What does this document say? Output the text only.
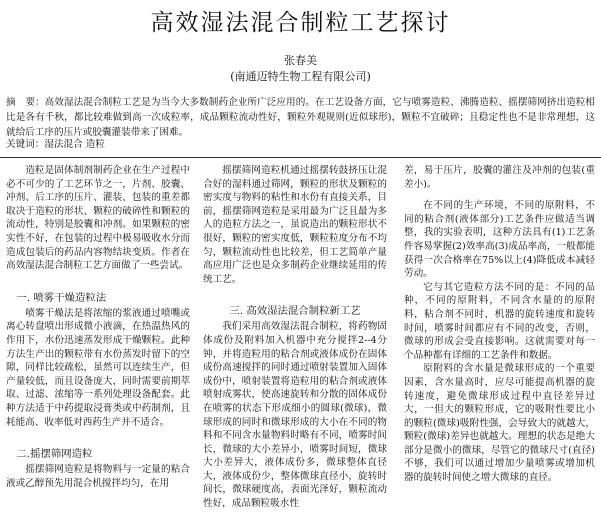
高效湿法混合制粒工艺探讨
张春美
(南通迈特生物工程有限公司)

摘　要：高效湿法混合制粒工艺是为当今大多数制药企业所广泛应用的。在工艺设备方面，它与喷雾造粒、沸腾造粒、摇摆筛网挤出造粒相比是各有千秋，都比较难做到高一次成粒率，成品颗粒流动性好，颗粒外观规则(近似球形)，颗粒不宜破碎；且稳定性也不是非常理想，这就给后工序的压片或胶囊灌装带来了困难。

关键词：湿法混合 造粒

造粒是固体制剂制药企业在生产过程中必不可少的了工艺环节之一，片剂、胶囊、冲剂、后工序的压片、灌装、包装的重差都取决于造粒的形状、颗粒的破碎性和颗粒的流动性，特别是胶囊和冲剂。如果颗粒的密实性不好，在包装的过程中极易吸收水分而造成包装后的药品内容物结块变质。作者在高效湿法混合制粒工艺方面做了一些尝试。

一. 喷雾干燥造粒法

喷雾干燥法是将浓缩的浆液通过喷嘴或离心转盘喷出形成微小液滴，在热温热风的作用下，水份迅速蒸发形成干燥颗粒。此种方法生产出的颗粒带有水份蒸发时留下的空隙，同样比较疏松，虽然可以连续生产，但产量较低，而且设备庞大，同时需要前期萃取、过滤、浓缩等一系列处理设备配套。此种方法适于中药提取浸膏类或中药制剂，且耗能高、收率低对西药生产并不适合。

二.摇摆筛网造粒

摇摆筛网造粒是将物料与一定量的粘合液或乙醇预先用混合机搅拌均匀，在用

摇摆筛网造粒机通过摇摆转鼓挤压让混合好的湿料通过筛网，颗粒的形状及颗粒的密实度与物料的粘性和水份有直接关系，目前，摇摆筛网造粒是采用最为广泛且最为多人的造粒方法之一，虽说造出的颗粒形状不很好，颗粒的密实度低，颗粒粒度分布不均匀，颗粒流动性也比较差，但工艺简单产量高应用广泛也是众多制药企业继续延用的传统工艺。

三. 高效湿法混合制粒新工艺

我们采用高效湿法混合制粒，将药物固体成份及附料加入机器中充分搅拌2--4分钟，并将造粒用的粘合剂或液体成份在固体成份高速搅拌的同时通过喷射装置加入固体成份中，喷射装置将造粒用的粘合剂或液体喷射成雾状，使高速旋转和分散的固体成份在喷雾的状态下形成细小的圆球(微球)，微球形成的同时和微球形成的大小在不同的物料和不同含水量物料时略有不同，喷雾时间长，微球的大小差异小，喷雾时间短，微球大小差异大，液体成份多，微球整体直径大，液体成份少，整体微球直径小，旋转时间长，微球硬度高，表面光泽好，颗粒流动性好，成品颗粒吸水性

差，易于压片，胶囊的灌注及冲剂的包装(重差小)。

在不同的生产环境，不同的原附料，不同的粘合剂(液体部分)工艺条件应做适当调整，我的实验表明，这种方法具有(1)工艺条件容易掌握(2)效率高(3)成品率高，一般都能获得一次合格率在75%以上(4)降低成本减轻劳动。

它与其它造粒方法不同的是：不同的品种，不同的原附料，不同含水量的的原附料，粘合剂不同时，机器的旋转速度和旋转时间，喷雾时间都应有不同的改变，否则，微球的形成会受直接影响。这就需要对每一个品种都有详细的工艺条件和数据。

原附料的含水量是微球形成的一个重要因素，含水量高时，应尽可能提高机器的旋转速度，避免微球形成过程中直径差异过大，一但大的颗粒形成，它的吸附性要比小的颗粒(微球)吸附性强，会导致大的就越大，颗粒(微球)差异也就越大。理想的状态是绝大部分是微小的微球，尽管它的微球尺寸(直径)不够，我们可以通过增加少量喷雾或增加机器的旋转时间使之增大微球的直径。
